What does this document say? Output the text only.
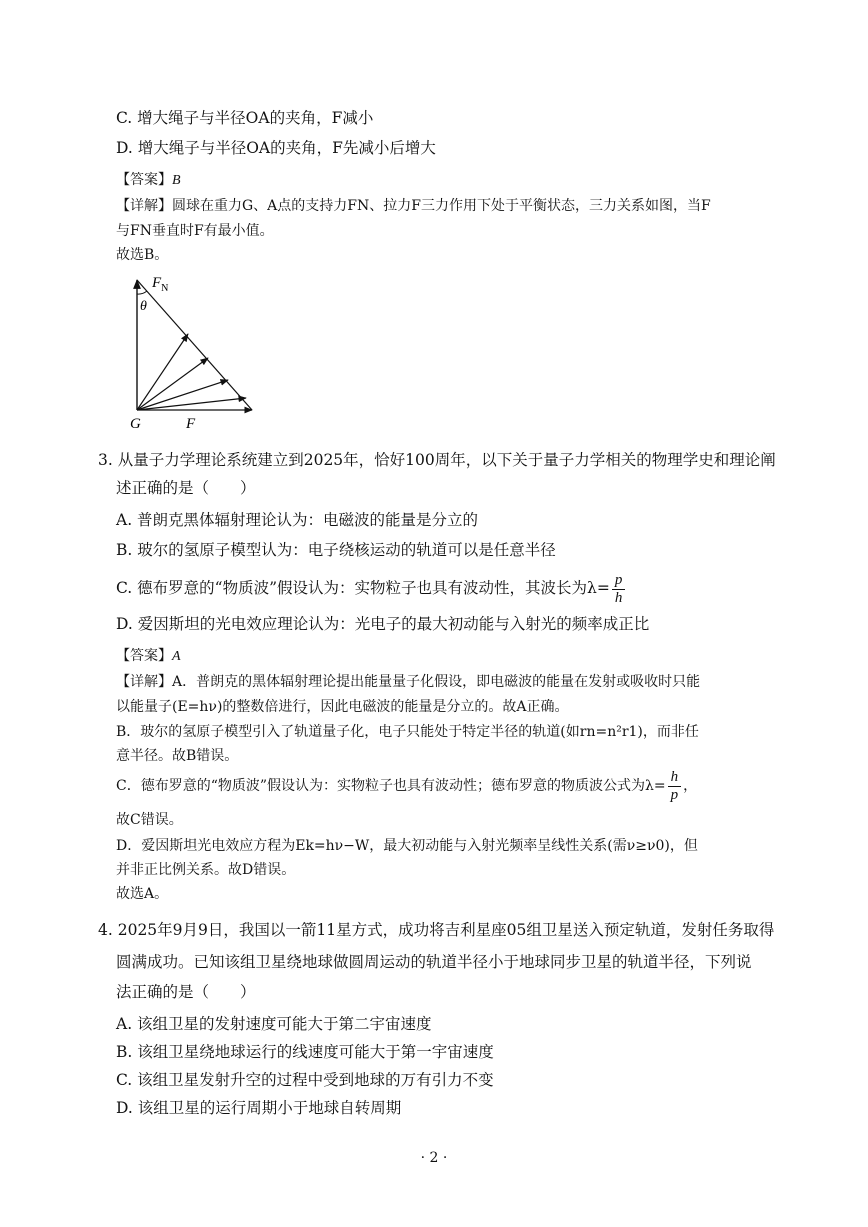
C. 增大绳子与半径OA的夹角，F减小
D. 增大绳子与半径OA的夹角，F先减小后增大
【答案】B
【详解】圆球在重力G、A点的支持力FN、拉力F三力作用下处于平衡状态，三力关系如图，当F
与FN垂直时F有最小值。
故选B。
$F_N$
θ
G	F
3. 从量子力学理论系统建立到2025年，恰好100周年，以下关于量子力学相关的物理学史和理论阐
述正确的是（　　）
A. 普朗克黑体辐射理论认为：电磁波的能量是分立的
B. 玻尔的氢原子模型认为：电子绕核运动的轨道可以是任意半径
C. 德布罗意的“物质波”假设认为：实物粒子也具有波动性，其波长为$\lambda= \frac{p}{h}$
D. 爱因斯坦的光电效应理论认为：光电子的最大初动能与入射光的频率成正比
【答案】A
【详解】A．普朗克的黑体辐射理论提出能量量子化假设，即电磁波的能量在发射或吸收时只能
以能量子(E=hν)的整数倍进行，因此电磁波的能量是分立的。故A正确。
B．玻尔的氢原子模型引入了轨道量子化，电子只能处于特定半径的轨道(如rn=n²r1)，而非任
意半径。故B错误。
C．德布罗意的“物质波”假设认为：实物粒子也具有波动性；德布罗意的物质波公式为$\lambda= \frac{h}{p}$ ，
故C错误。
D．爱因斯坦光电效应方程为Ek=hν−W，最大初动能与入射光频率呈线性关系(需ν≥ν0)，但
并非正比例关系。故D错误。
故选A。
4. 2025年9月9日，我国以一箭11星方式，成功将吉利星座05组卫星送入预定轨道，发射任务取得
圆满成功。已知该组卫星绕地球做圆周运动的轨道半径小于地球同步卫星的轨道半径，下列说
法正确的是（　　）
A. 该组卫星的发射速度可能大于第二宇宙速度
B. 该组卫星绕地球运行的线速度可能大于第一宇宙速度
C. 该组卫星发射升空的过程中受到地球的万有引力不变
D. 该组卫星的运行周期小于地球自转周期
· 2 ·
